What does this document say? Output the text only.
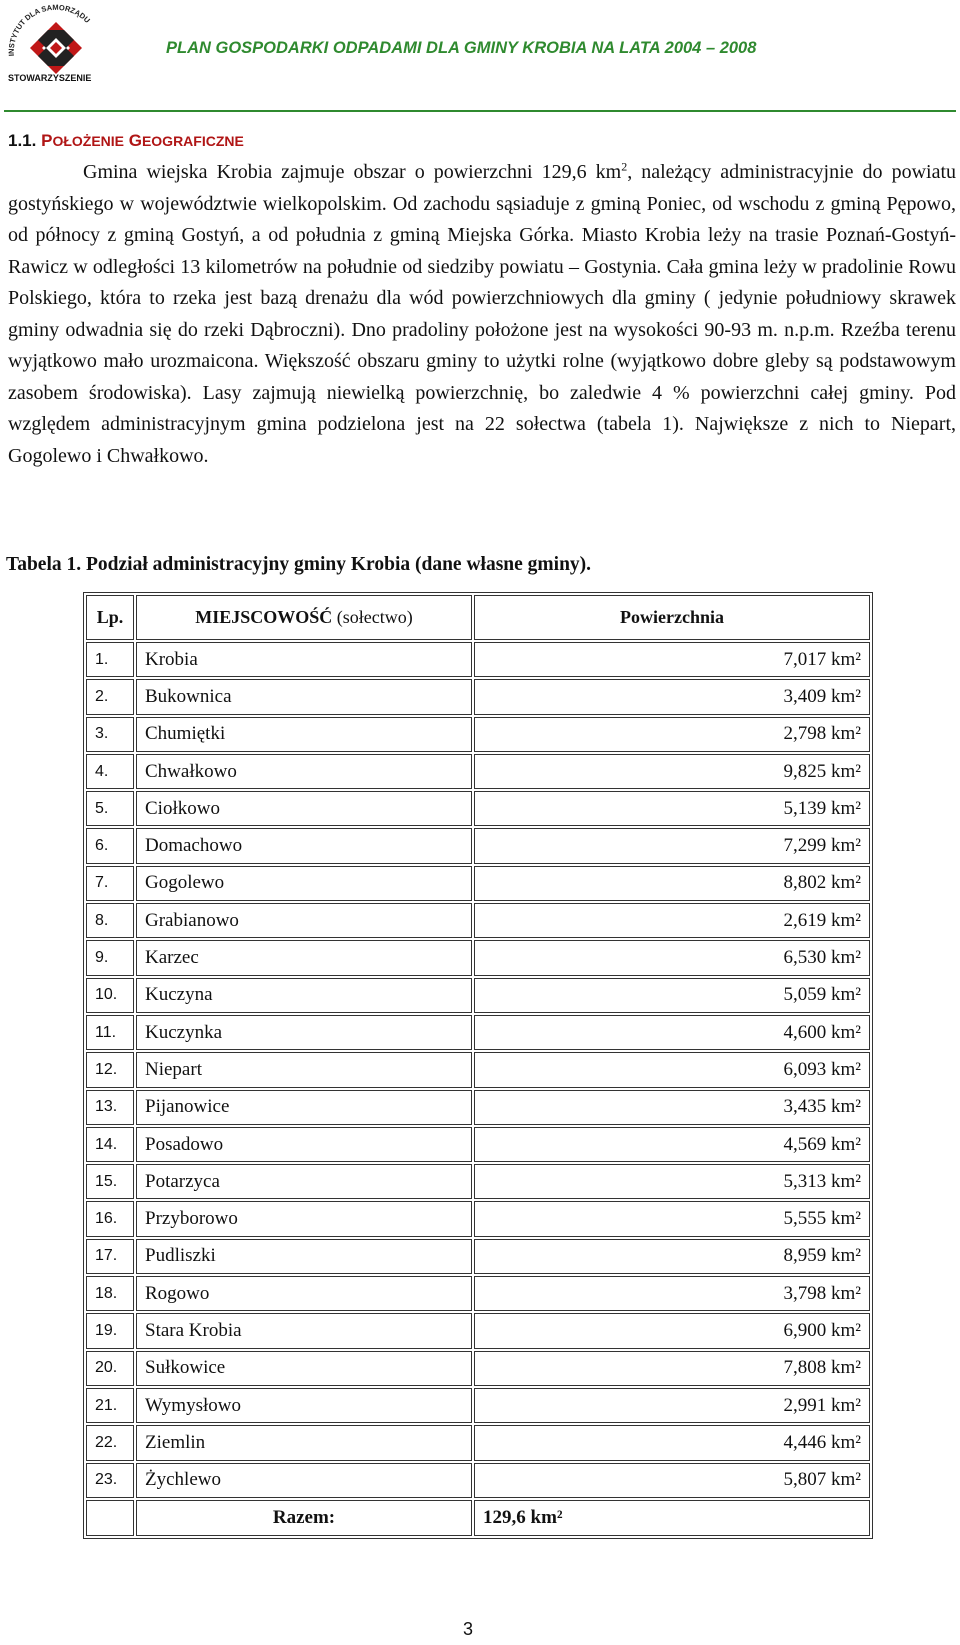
INSTYTUT DLA SAMORZĄDU
STOWARZYSZENIE
PLAN GOSPODARKI ODPADAMI DLA GMINY KROBIA NA LATA 2004 – 2008
1.1. POŁOŻENIE GEOGRAFICZNE
Gmina wiejska Krobia zajmuje obszar o powierzchni 129,6 $km^2$, należący administracyjnie do powiatu gostyńskiego w województwie wielkopolskim. Od zachodu sąsiaduje z gminą Poniec, od wschodu z gminą Pępowo, od północy z gminą Gostyń, a od południa z gminą Miejska Górka. Miasto Krobia leży na trasie Poznań-Gostyń-Rawicz w odległości 13 kilometrów na południe od siedziby powiatu – Gostynia. Cała gmina leży w pradolinie Rowu Polskiego, która to rzeka jest bazą drenażu dla wód powierzchniowych dla gminy ( jedynie południowy skrawek gminy odwadnia się do rzeki Dąbroczni). Dno pradoliny położone jest na wysokości 90-93 m. n.p.m. Rzeźba terenu wyjątkowo mało urozmaicona. Większość obszaru gminy to użytki rolne (wyjątkowo dobre gleby są podstawowym zasobem środowiska). Lasy zajmują niewielką powierzchnię, bo zaledwie 4 % powierzchni całej gminy. Pod względem administracyjnym gmina podzielona jest na 22 sołectwa (tabela 1). Największe z nich to Niepart, Gogolewo i Chwałkowo.
Tabela 1. Podział administracyjny gminy Krobia (dane własne gminy).
Lp.	MIEJSCOWOŚĆ (sołectwo)	Powierzchnia
1.	Krobia	7,017 km²
2.	Bukownica	3,409 km²
3.	Chumiętki	2,798 km²
4.	Chwałkowo	9,825 km²
5.	Ciołkowo	5,139 km²
6.	Domachowo	7,299 km²
7.	Gogolewo	8,802 km²
8.	Grabianowo	2,619 km²
9.	Karzec	6,530 km²
10.	Kuczyna	5,059 km²
11.	Kuczynka	4,600 km²
12.	Niepart	6,093 km²
13.	Pijanowice	3,435 km²
14.	Posadowo	4,569 km²
15.	Potarzyca	5,313 km²
16.	Przyborowo	5,555 km²
17.	Pudliszki	8,959 km²
18.	Rogowo	3,798 km²
19.	Stara Krobia	6,900 km²
20.	Sułkowice	7,808 km²
21.	Wymysłowo	2,991 km²
22.	Ziemlin	4,446 km²
23.	Żychlewo	5,807 km²
	Razem:	129,6 km²
3
